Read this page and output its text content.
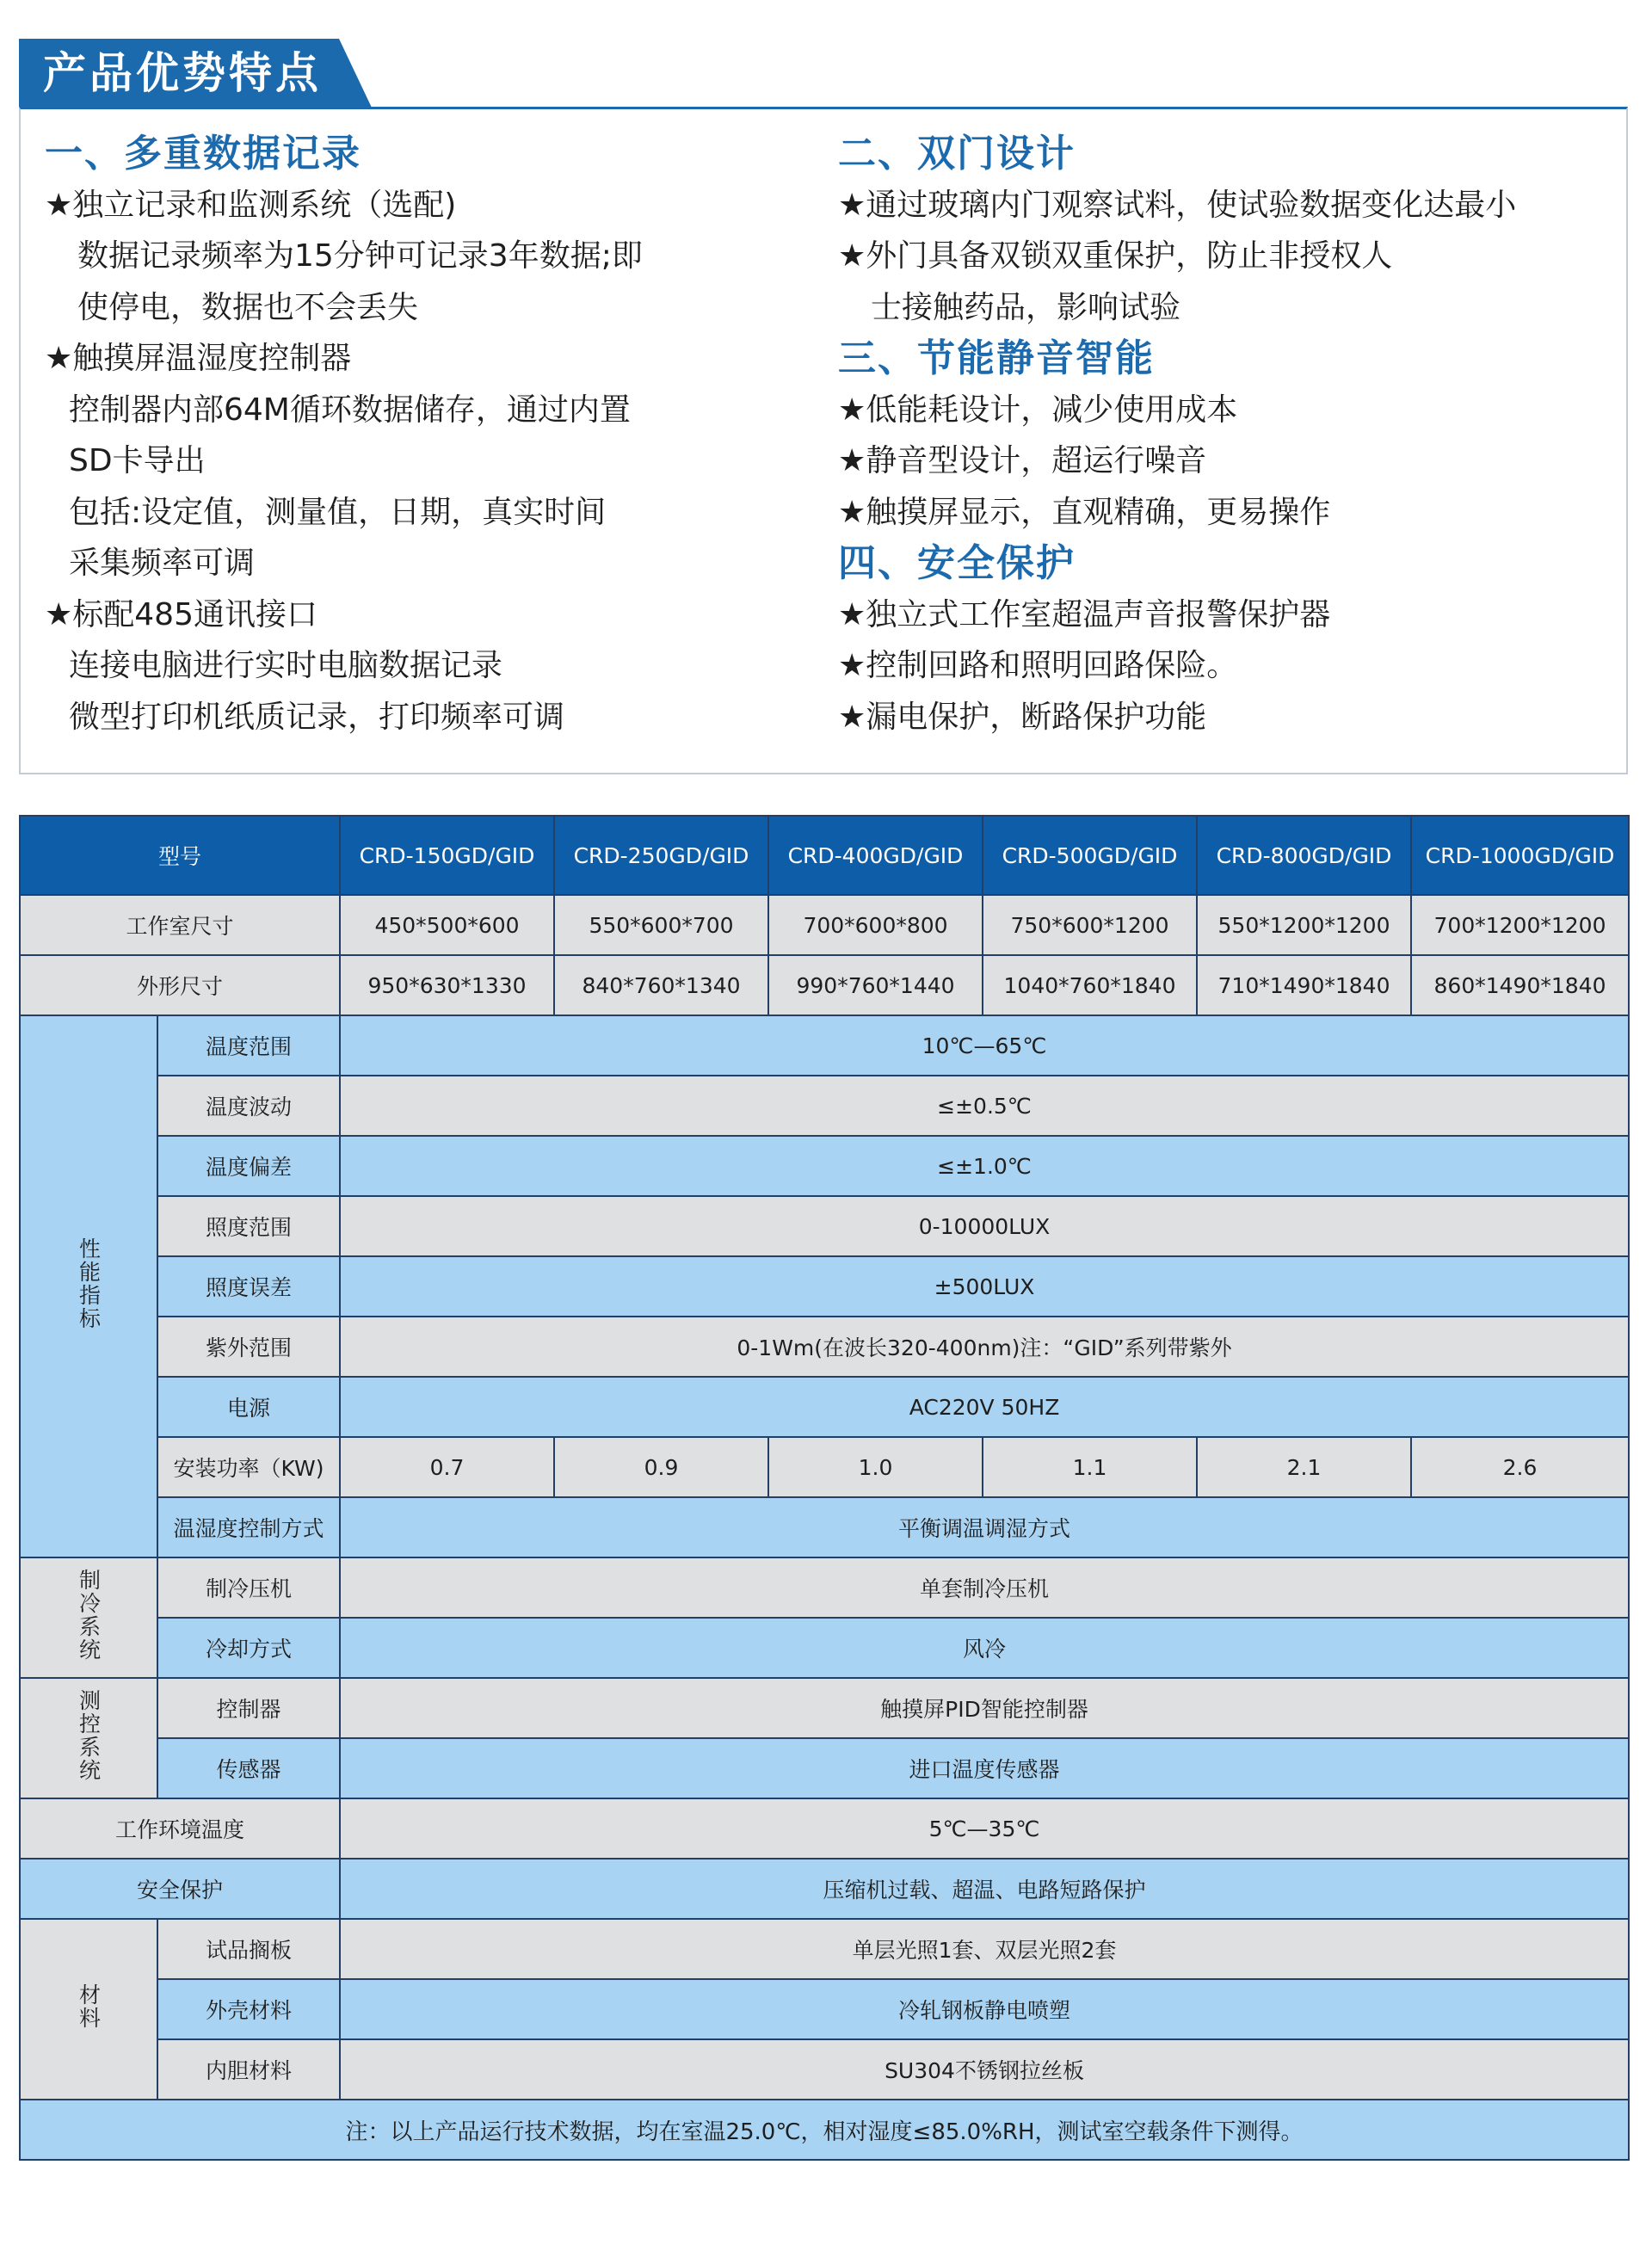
产品优势特点
一、多重数据记录
★独立记录和监测系统（选配)
数据记录频率为15分钟可记录3年数据;即
使停电，数据也不会丢失
★触摸屏温湿度控制器
控制器内部64M循环数据储存，通过内置
SD卡导出
包括:设定值，测量值，日期，真实时间
采集频率可调
★标配485通讯接口
连接电脑进行实时电脑数据记录
微型打印机纸质记录，打印频率可调
二、双门设计
★通过玻璃内门观察试料，使试验数据变化达最小
★外门具备双锁双重保护，防止非授权人
士接触药品，影响试验
三、节能静音智能
★低能耗设计，减少使用成本
★静音型设计，超运行噪音
★触摸屏显示，直观精确，更易操作
四、安全保护
★独立式工作室超温声音报警保护器
★控制回路和照明回路保险。
★漏电保护，断路保护功能
型号		CRD-150GD/GID	CRD-250GD/GID	CRD-400GD/GID	CRD-500GD/GID	CRD-800GD/GID	CRD-1000GD/GID
工作室尺寸		450*500*600	550*600*700	700*600*800	750*600*1200	550*1200*1200	700*1200*1200
外形尺寸		950*630*1330	840*760*1340	990*760*1440	1040*760*1840	710*1490*1840	860*1490*1840
性能指标	温度范围	10℃—65℃					
	温度波动	≤±0.5℃					
	温度偏差	≤±1.0℃					
	照度范围	0-10000LUX					
	照度误差	±500LUX					
	紫外范围	0-1Wm(在波长320-400nm)注：“GID”系列带紫外					
	电源	AC220V 50HZ					
	安装功率（KW)	0.7	0.9	1.0	1.1	2.1	2.6
	温湿度控制方式	平衡调温调湿方式					
制冷系统	制冷压机	单套制冷压机					
	冷却方式	风冷					
测控系统	控制器	触摸屏PID智能控制器					
	传感器	进口温度传感器					
工作环境温度		5℃—35℃					
安全保护		压缩机过载、超温、电路短路保护					
材料	试品搁板	单层光照1套、双层光照2套					
	外壳材料	冷轧钢板静电喷塑					
	内胆材料	SU304不锈钢拉丝板					
注：以上产品运行技术数据，均在室温25.0℃，相对湿度≤85.0%RH，测试室空载条件下测得。							
